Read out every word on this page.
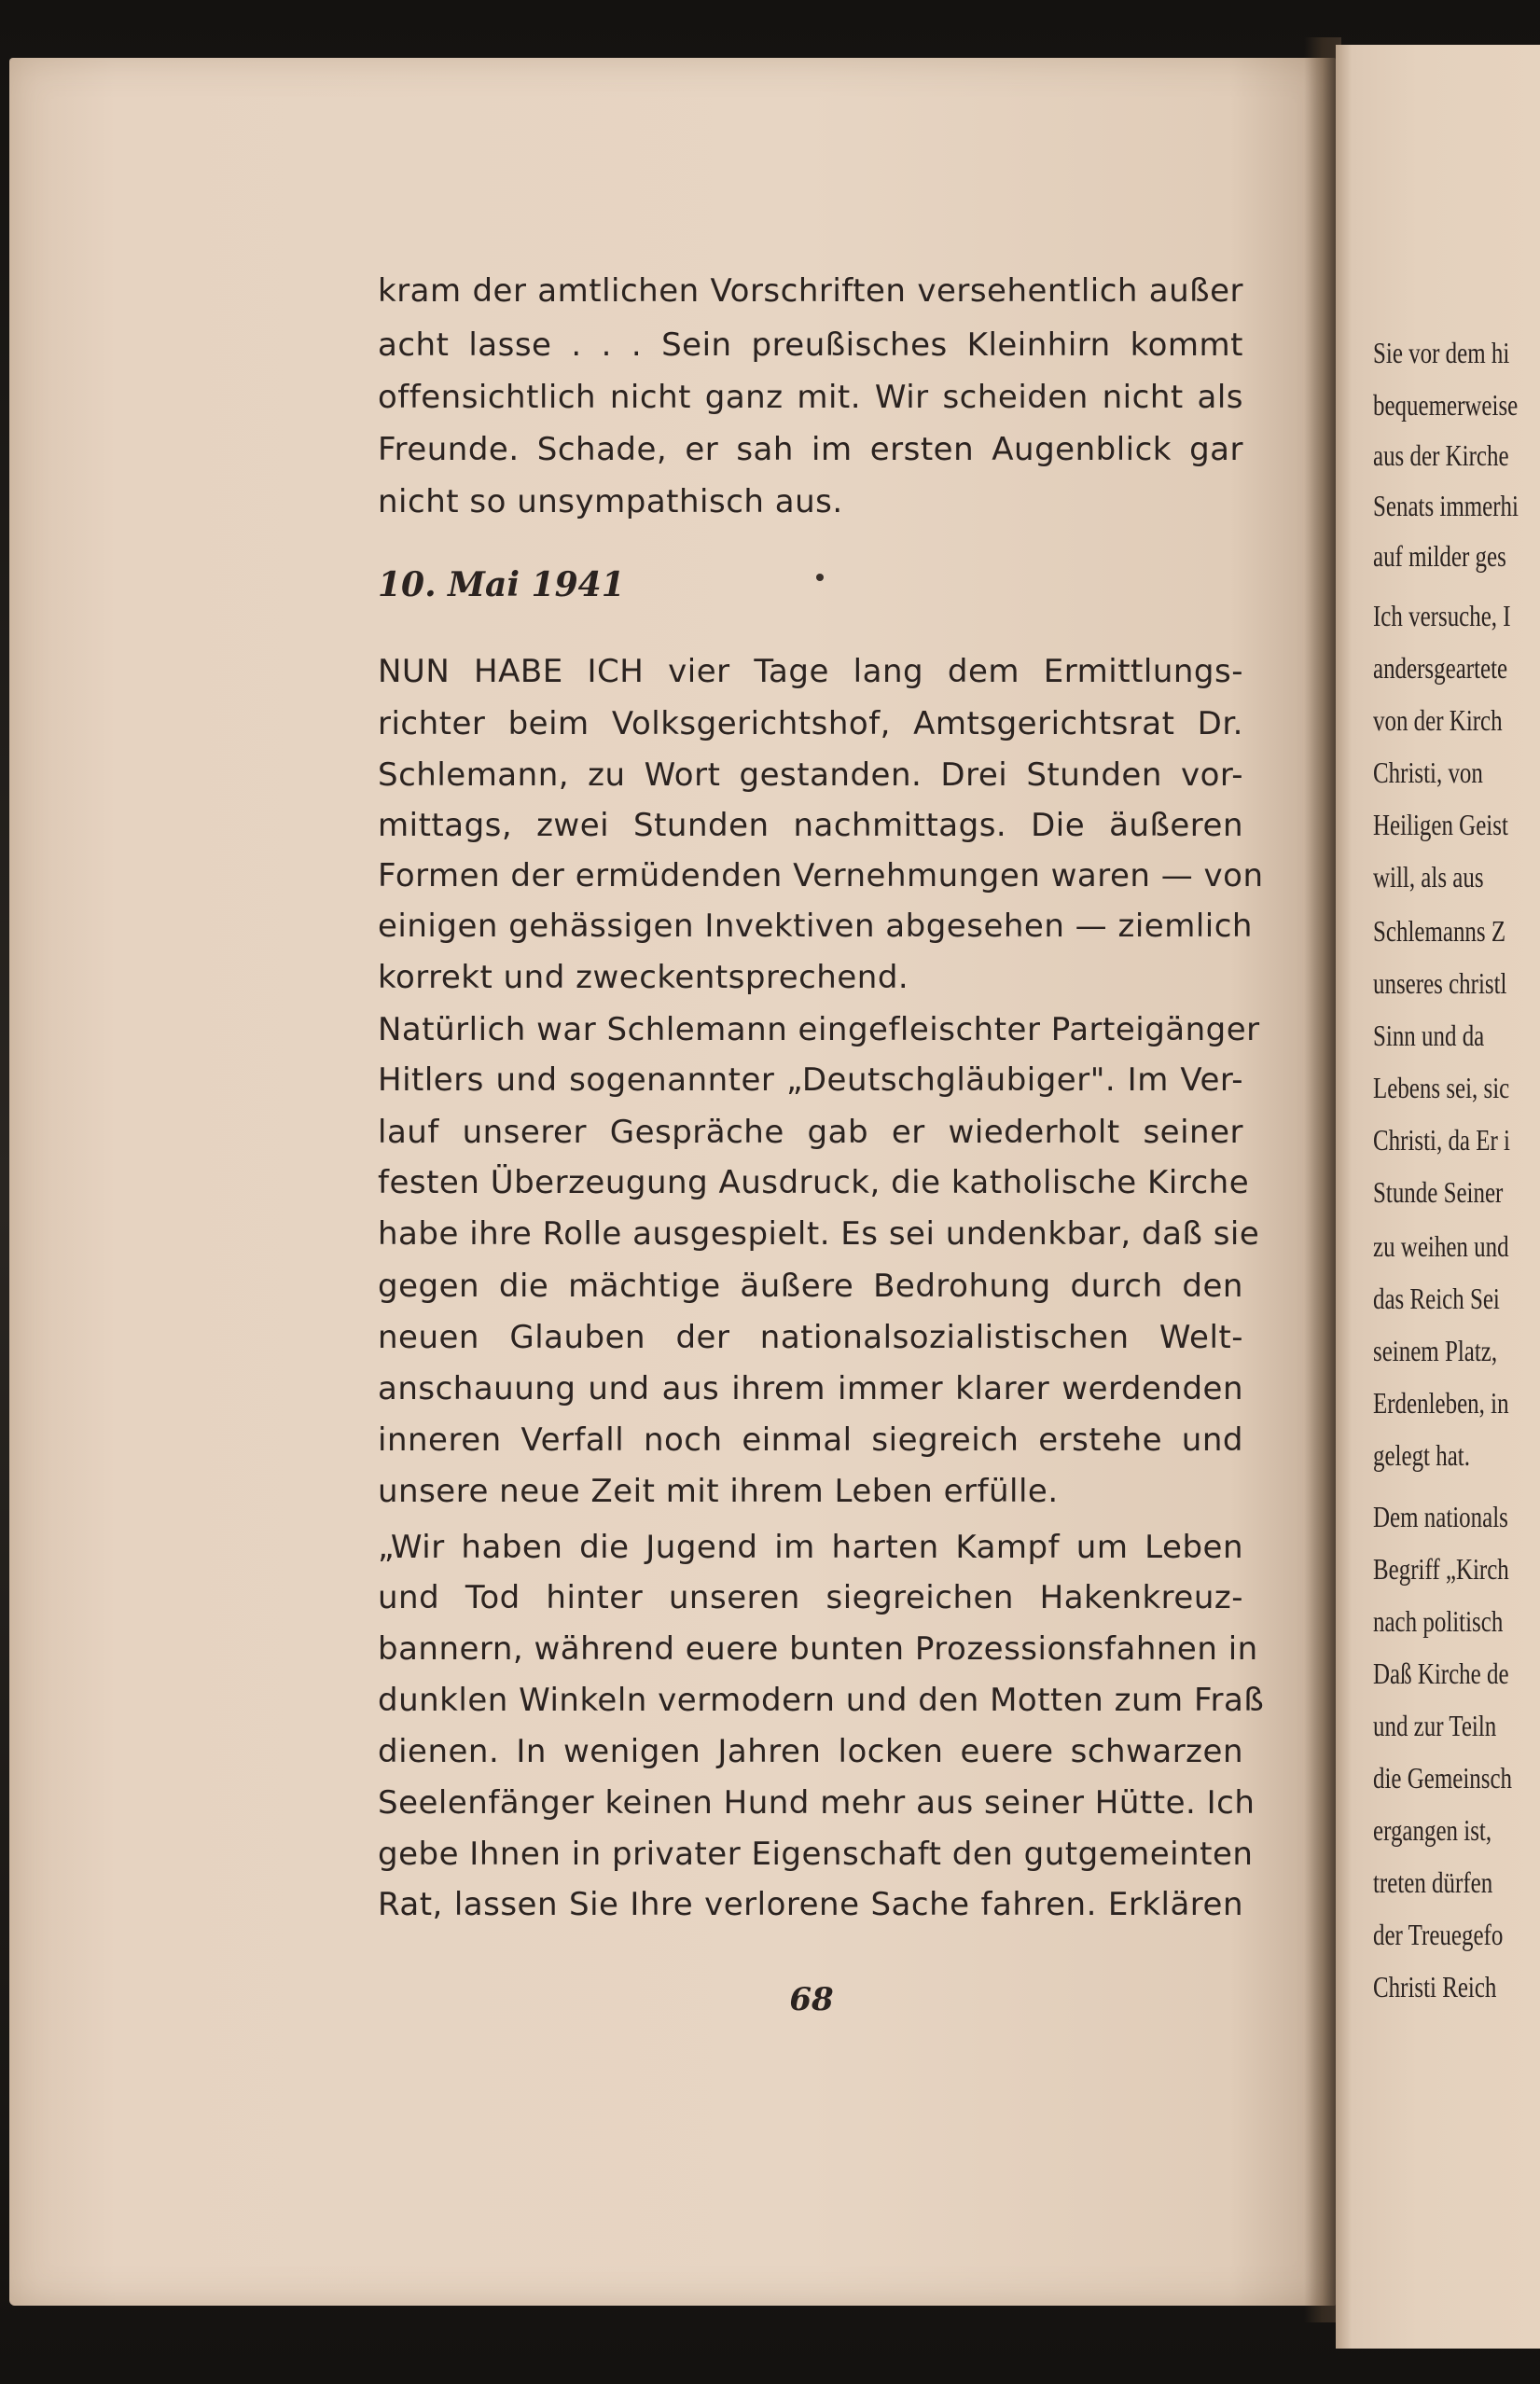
kram der amtlichen Vorschriften versehentlich außer
acht lasse . . . Sein preußisches Kleinhirn kommt
offensichtlich nicht ganz mit. Wir scheiden nicht als
Freunde. Schade, er sah im ersten Augenblick gar
nicht so unsympathisch aus.
10. Mai 1941
NUN HABE ICH vier Tage lang dem Ermittlungs-
richter beim Volksgerichtshof, Amtsgerichtsrat Dr.
Schlemann, zu Wort gestanden. Drei Stunden vor-
mittags, zwei Stunden nachmittags. Die äußeren
Formen der ermüdenden Vernehmungen waren — von
einigen gehässigen Invektiven abgesehen — ziemlich
korrekt und zweckentsprechend.
Natürlich war Schlemann eingefleischter Parteigänger
Hitlers und sogenannter „Deutschgläubiger". Im Ver-
lauf unserer Gespräche gab er wiederholt seiner
festen Überzeugung Ausdruck, die katholische Kirche
habe ihre Rolle ausgespielt. Es sei undenkbar, daß sie
gegen die mächtige äußere Bedrohung durch den
neuen Glauben der nationalsozialistischen Welt-
anschauung und aus ihrem immer klarer werdenden
inneren Verfall noch einmal siegreich erstehe und
unsere neue Zeit mit ihrem Leben erfülle.
„Wir haben die Jugend im harten Kampf um Leben
und Tod hinter unseren siegreichen Hakenkreuz-
bannern, während euere bunten Prozessionsfahnen in
dunklen Winkeln vermodern und den Motten zum Fraß
dienen. In wenigen Jahren locken euere schwarzen
Seelenfänger keinen Hund mehr aus seiner Hütte. Ich
gebe Ihnen in privater Eigenschaft den gutgemeinten
Rat, lassen Sie Ihre verlorene Sache fahren. Erklären
68
Sie vor dem hi
bequemerweise
aus der Kirche
Senats immerhi
auf milder ges
Ich versuche, I
andersgeartete
von der Kirch
Christi, von
Heiligen Geist
will, als aus
Schlemanns Z
unseres christl
Sinn und da
Lebens sei, sic
Christi, da Er i
Stunde Seiner
zu weihen und
das Reich Sei
seinem Platz,
Erdenleben, in
gelegt hat.
Dem nationals
Begriff „Kirch
nach politisch
Daß Kirche de
und zur Teiln
die Gemeinsch
ergangen ist,
treten dürfen
der Treuegefo
Christi Reich
